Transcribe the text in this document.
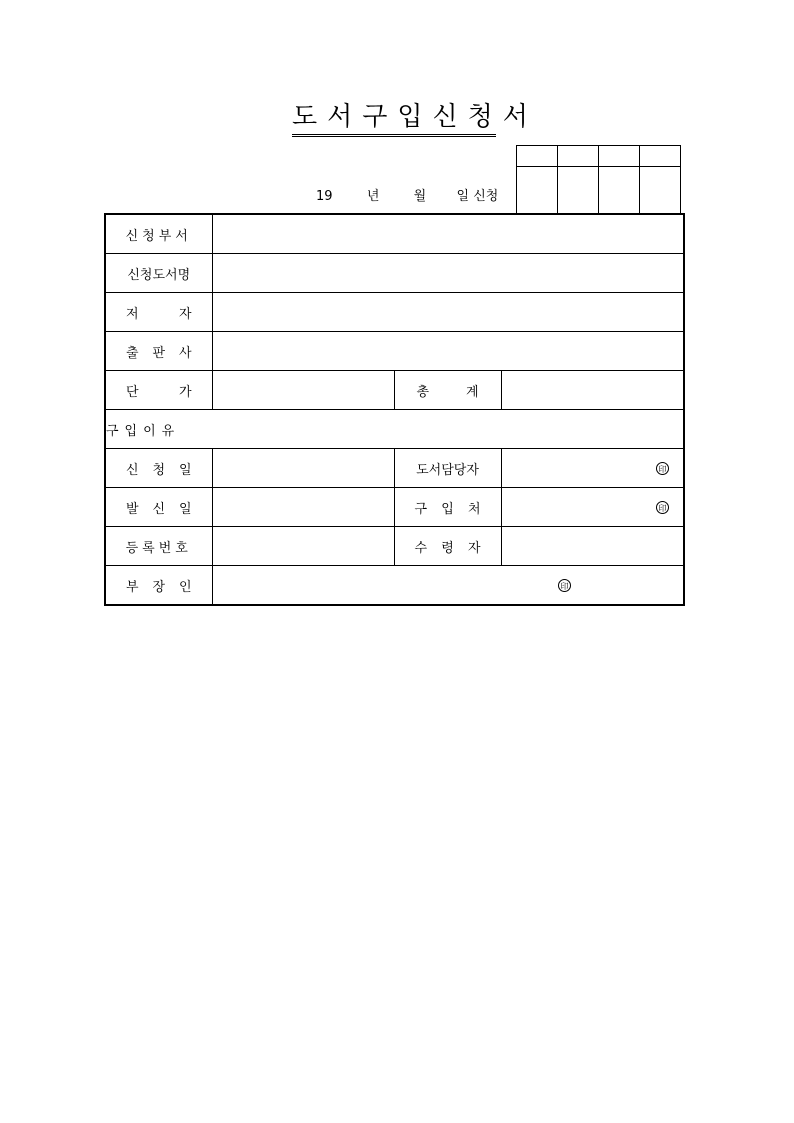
도서구입신청서

19	년	월 일 신청
신청부서			
신청도서명			

저 자			

출 판 사			

단 가		총 계	

구입이유			

신 청 일		도서담당자	印

발 신 일		구 입 처	印
등록번호		수 령 자	

부 장 인	印		
